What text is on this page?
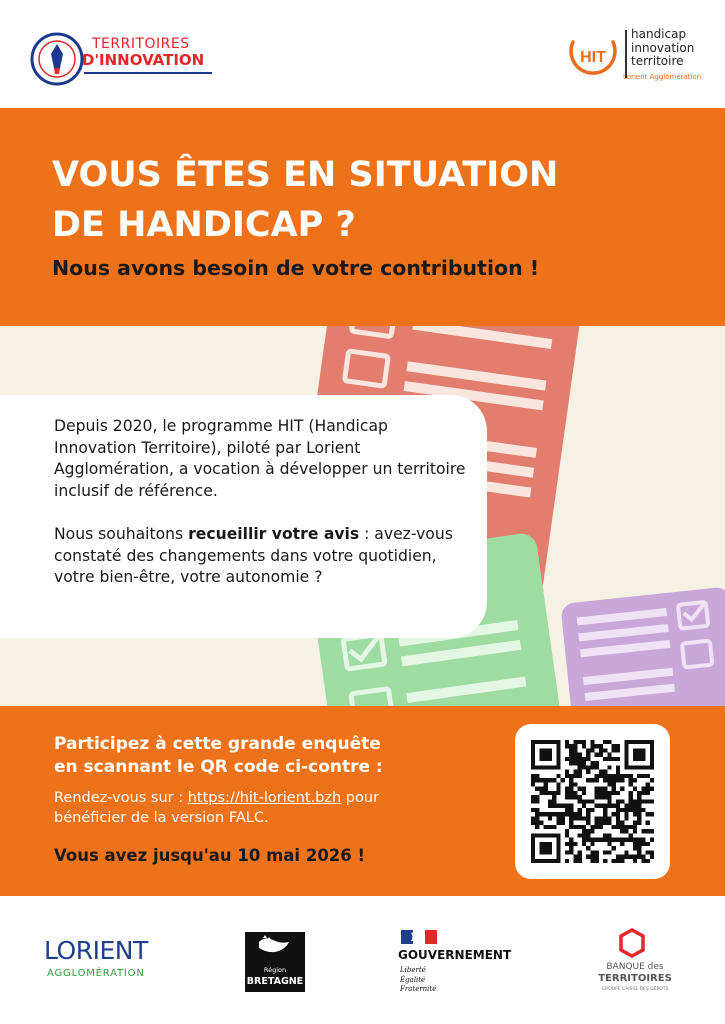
TERRITOIRES
D'INNOVATION	HIT
handicap
innovation
territoire
Lorient Agglomération
VOUS ÊTES EN SITUATION
DE HANDICAP ?
Nous avons besoin de votre contribution !

Depuis 2020, le programme HIT (Handicap Innovation Territoire), piloté par Lorient Agglomération, a vocation à développer un territoire inclusif de référence.

Nous souhaitons recueillir votre avis : avez-vous constaté des changements dans votre quotidien, votre bien-être, votre autonomie ?

Participez à cette grande enquête
en scannant le QR code ci-contre :

Rendez-vous sur : https://hit-lorient.bzh pour bénéficier de la version FALC.

Vous avez jusqu'au 10 mai 2026 !
LORIENT
AGGLOMÉRATION	Région
BRETAGNE
GOUVERNEMENT
Liberté
Égalité
Fraternité
BANQUE des
TERRITOIRES
GROUPE CAISSE DES DÉPÔTS
